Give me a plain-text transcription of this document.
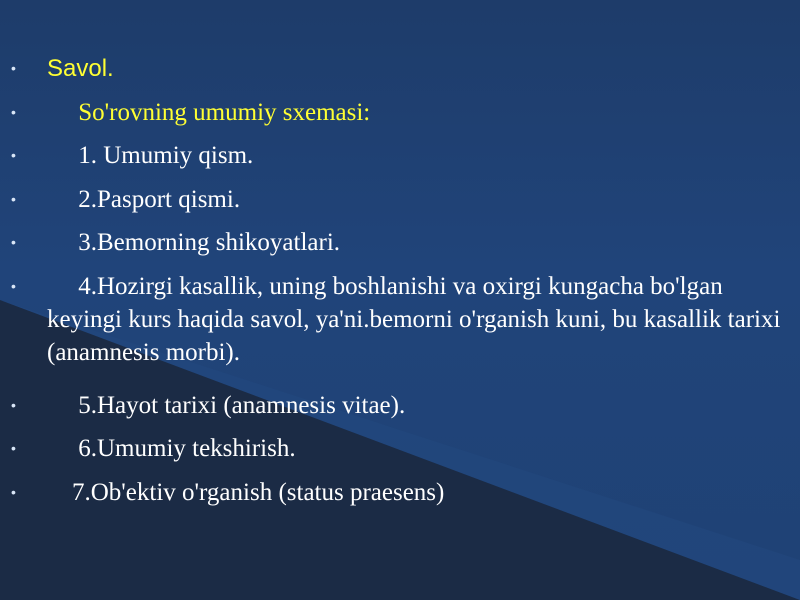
• Savol.
• So'rovning umumiy sxemasi:
• 1. Umumiy qism.
• 2.Pasport qismi.
• 3.Bemorning shikoyatlari.
• 4.Hozirgi kasallik, uning boshlanishi va oxirgi kungacha bo'lgan keyingi kurs haqida savol, ya'ni.bemorni o'rganish kuni, bu kasallik tarixi (anamnesis morbi).
• 5.Hayot tarixi (anamnesis vitae).
• 6.Umumiy tekshirish.
• 7.Ob'ektiv o'rganish (status praesens)
